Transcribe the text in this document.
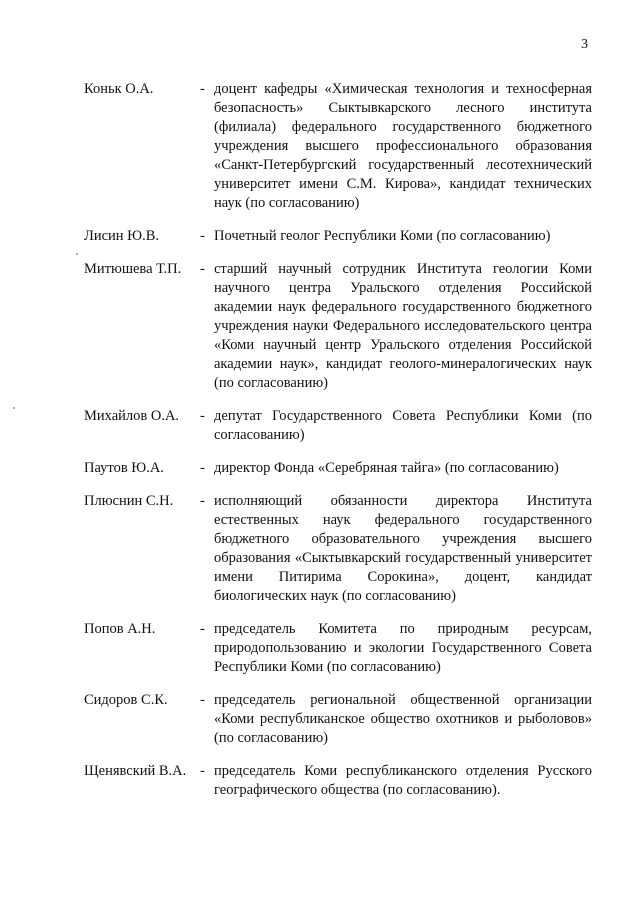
3
Коньк О.А.	- доцент кафедры «Химическая технология и техносферная безопасность» Сыктывкарского лесного института (филиала) федерального государственного бюджетного учреждения высшего профессионального образования «Санкт-Петербургский государственный лесотехнический университет имени С.М. Кирова», кандидат технических наук (по согласованию)
Лисин Ю.В.	- Почетный геолог Республики Коми (по согласованию)
Митюшева Т.П. - старший научный сотрудник Института геологии Коми научного центра Уральского отделения Российской академии наук федерального государственного бюджетного учреждения науки Федерального исследовательского центра «Коми научный центр Уральского отделения Российской академии наук», кандидат геолого-минералогических наук (по согласованию)
Михайлов О.А. - депутат Государственного Совета Республики Коми (по согласованию)
Паутов Ю.А. - директор Фонда «Серебряная тайга» (по согласованию)
Плюснин С.Н. - исполняющий обязанности директора Института естественных наук федерального государственного бюджетного образовательного учреждения высшего образования «Сыктывкарский государственный университет имени Питирима Сорокина», доцент, кандидат биологических наук (по согласованию)
Попов А.Н.	- председатель Комитета по природным ресурсам, природопользованию и экологии Государственного Совета Республики Коми (по согласованию)
Сидоров С.К. - председатель региональной общественной организации «Коми республиканское общество охотников и рыболовов» (по согласованию)
Щенявский В.А. - председатель Коми республиканского отделения Русского географического общества (по согласованию).
